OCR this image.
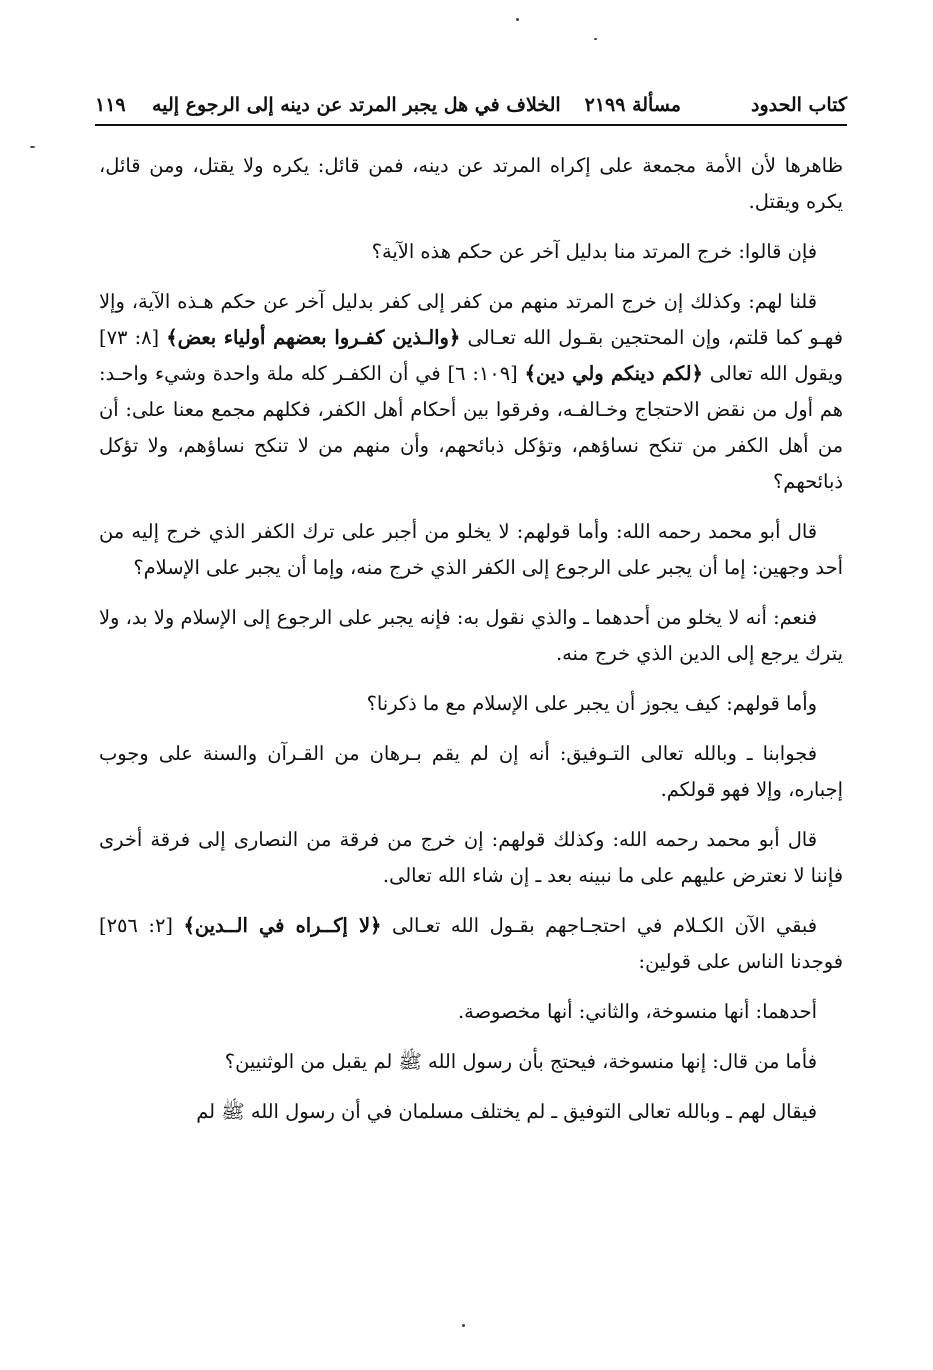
كتاب الحدود
مسألة ٢١٩٩
الخلاف في هل يجبر المرتد عن دينه إلى الرجوع إليه
١١٩

ظاهرها لأن الأمة مجمعة على إكراه المرتد عن دينه، فمن قائل: يكره ولا يقتل، ومن قائل، يكره ويقتل.

فإن قالوا: خرج المرتد منا بدليل آخر عن حكم هذه الآية؟

قلنا لهم: وكذلك إن خرج المرتد منهم من كفر إلى كفر بدليل آخر عن حكم هـذه الآية، وإلا فهـو كما قلتم، وإن المحتجين بقـول الله تعـالى ﴿والـذين كفـروا بعضهم أولياء بعض﴾ [٨: ٧٣] ويقول الله تعالى ﴿لكم دينكم ولي دين﴾ [١٠٩: ٦] في أن الكفـر كله ملة واحدة وشيء واحـد: هم أول من نقض الاحتجاج وخـالفـه، وفرقوا بين أحكام أهل الكفر، فكلهم مجمع معنا على: أن من أهل الكفر من تنكح نساؤهم، وتؤكل ذبائحهم، وأن منهم من لا تنكح نساؤهم، ولا تؤكل ذبائحهم؟

قال أبو محمد رحمه الله: وأما قولهم: لا يخلو من أجبر على ترك الكفر الذي خرج إليه من أحد وجهين: إما أن يجبر على الرجوع إلى الكفر الذي خرج منه، وإما أن يجبر على الإسلام؟

فنعم: أنه لا يخلو من أحدهما ـ والذي نقول به: فإنه يجبر على الرجوع إلى الإسلام ولا بد، ولا يترك يرجع إلى الدين الذي خرج منه.

وأما قولهم: كيف يجوز أن يجبر على الإسلام مع ما ذكرنا؟

فجوابنا ـ وبالله تعالى التـوفيق: أنه إن لم يقم بـرهان من القـرآن والسنة على وجوب إجباره، وإلا فهو قولكم.

قال أبو محمد رحمه الله: وكذلك قولهم: إن خرج من فرقة من النصارى إلى فرقة أخرى فإننا لا نعترض عليهم على ما نبينه بعد ـ إن شاء الله تعالى.

فبقي الآن الكـلام في احتجـاجهم بقـول الله تعـالى ﴿لا إكــراه في الــدين﴾ [٢: ٢٥٦] فوجدنا الناس على قولين:

أحدهما: أنها منسوخة، والثاني: أنها مخصوصة.

فأما من قال: إنها منسوخة، فيحتج بأن رسول الله ﷺ لم يقبل من الوثنيين؟

فيقال لهم ـ وبالله تعالى التوفيق ـ لم يختلف مسلمان في أن رسول الله ﷺ لم
